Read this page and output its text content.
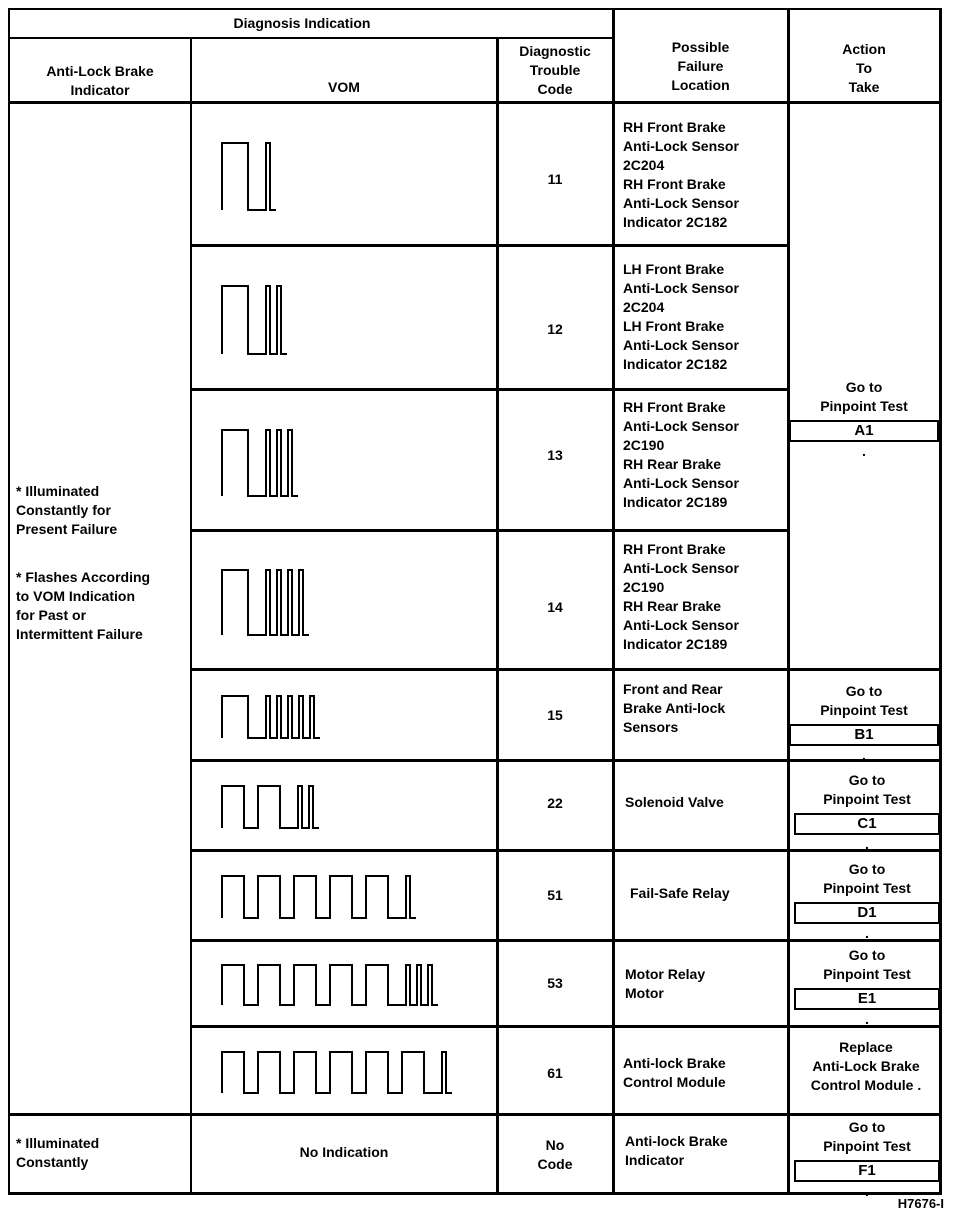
Diagnosis Indication
Anti-Lock Brake
Indicator	VOM
Diagnostic
Trouble
Code
Possible
Failure
Location
Action
To
Take
* Illuminated
Constantly for
Present Failure
* Flashes According
to VOM Indication
for Past or
Intermittent Failure
* Illuminated
Constantly
11
12
13
14
15
22
51
53
61
No
Code
RH Front Brake
Anti-Lock Sensor
2C204
RH Front Brake
Anti-Lock Sensor
Indicator 2C182
LH Front Brake
Anti-Lock Sensor
2C204
LH Front Brake
Anti-Lock Sensor
Indicator 2C182
RH Front Brake
Anti-Lock Sensor
2C190
RH Rear Brake
Anti-Lock Sensor
Indicator 2C189
RH Front Brake
Anti-Lock Sensor
2C190
RH Rear Brake
Anti-Lock Sensor
Indicator 2C189
Front and Rear
Brake Anti-lock
Sensors
Solenoid Valve
Fail-Safe Relay
Motor Relay
Motor
Anti-lock Brake
Control Module
Anti-lock Brake
Indicator
No Indication
Go to
Pinpoint Test
A1
.
Go to
Pinpoint Test
B1
.
Go to
Pinpoint Test
C1
.
Go to
Pinpoint Test
D1
.
Go to
Pinpoint Test
E1
.
Replace
Anti-Lock Brake
Control Module .
Go to
Pinpoint Test
F1
.
H7676-I
